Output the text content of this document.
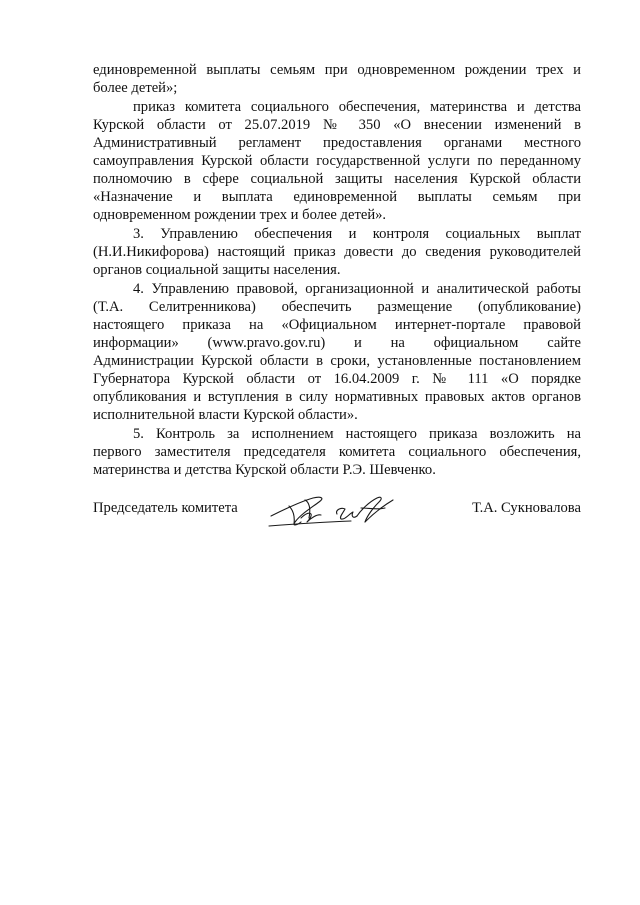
единовременной выплаты семьям при одновременном рождении трех и
более детей»;
приказ комитета социального обеспечения, материнства и детства
Курской области от 25.07.2019 № 350 «О внесении изменений в
Административный регламент предоставления органами местного
самоуправления Курской области государственной услуги по переданному
полномочию в сфере социальной защиты населения Курской области
«Назначение и выплата единовременной выплаты семьям при
одновременном рождении трех и более детей».
3. Управлению обеспечения и контроля социальных выплат
(Н.И.Никифорова) настоящий приказ довести до сведения руководителей
органов социальной защиты населения.
4. Управлению правовой, организационной и аналитической работы
(Т.А. Селитренникова) обеспечить размещение (опубликование)
настоящего приказа на «Официальном интернет-портале правовой
информации» (www.pravo.gov.ru) и на официальном сайте
Администрации Курской области в сроки, установленные постановлением
Губернатора Курской области от 16.04.2009 г. № 111 «О порядке
опубликования и вступления в силу нормативных правовых актов органов
исполнительной власти Курской области».
5. Контроль за исполнением настоящего приказа возложить на
первого заместителя председателя комитета социального обеспечения,
материнства и детства Курской области Р.Э. Шевченко.
Председатель комитета	Т.А. Сукновалова
